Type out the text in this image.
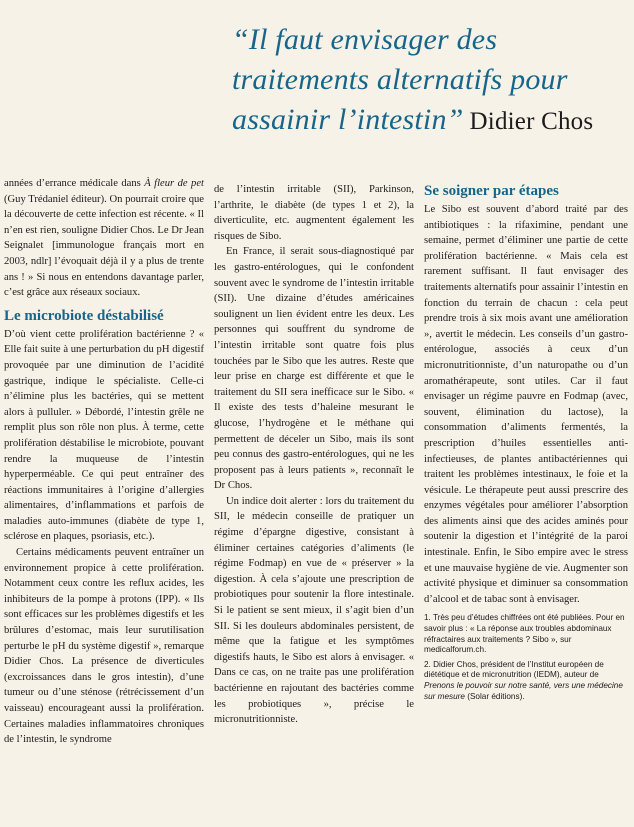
“Il faut envisager des traitements alternatifs pour assainir l’intestin” Didier Chos

années d’errance médicale dans À fleur de pet (Guy Trédaniel éditeur). On pourrait croire que la découverte de cette infection est récente. « Il n’en est rien, souligne Didier Chos. Le Dr Jean Seignalet [immunologue français mort en 2003, ndlr] l’évoquait déjà il y a plus de trente ans ! » Si nous en entendons davantage parler, c’est grâce aux réseaux sociaux.

Le microbiote déstabilisé

D’où vient cette prolifération bactérienne ? « Elle fait suite à une perturbation du pH digestif provoquée par une diminution de l’acidité gastrique, indique le spécialiste. Celle-ci n’élimine plus les bactéries, qui se mettent alors à pulluler. » Débordé, l’intestin grêle ne remplit plus son rôle non plus. À terme, cette prolifération déstabilise le microbiote, pouvant rendre la muqueuse de l’intestin hyperperméable. Ce qui peut entraîner des réactions immunitaires à l’origine d’allergies alimentaires, d’inflammations et parfois de maladies auto-immunes (diabète de type 1, sclérose en plaques, psoriasis, etc.).

Certains médicaments peuvent entraîner un environnement propice à cette prolifération. Notamment ceux contre les reflux acides, les inhibiteurs de la pompe à protons (IPP). « Ils sont efficaces sur les problèmes digestifs et les brûlures d’estomac, mais leur surutilisation perturbe le pH du système digestif », remarque Didier Chos. La présence de diverticules (excroissances dans le gros intestin), d’une tumeur ou d’une sténose (rétrécissement d’un vaisseau) encourageant aussi la prolifération. Certaines maladies inflammatoires chroniques de l’intestin, le syndrome

de l’intestin irritable (SII), Parkinson, l’arthrite, le diabète (de types 1 et 2), la diverticulite, etc. augmentent également les risques de Sibo.

En France, il serait sous-diagnostiqué par les gastro-entérologues, qui le confondent souvent avec le syndrome de l’intestin irritable (SII). Une dizaine d’études américaines soulignent un lien évident entre les deux. Les personnes qui souffrent du syndrome de l’intestin irritable sont quatre fois plus touchées par le Sibo que les autres. Reste que leur prise en charge est différente et que le traitement du SII sera inefficace sur le Sibo. « Il existe des tests d’haleine mesurant le glucose, l’hydrogène et le méthane qui permettent de déceler un Sibo, mais ils sont peu connus des gastro-entérologues, qui ne les proposent pas à leurs patients », reconnaît le Dr Chos.

Un indice doit alerter : lors du traitement du SII, le médecin conseille de pratiquer un régime d’épargne digestive, consistant à éliminer certaines catégories d’aliments (le régime Fodmap) en vue de « préserver » la digestion. À cela s’ajoute une prescription de probiotiques pour soutenir la flore intestinale. Si le patient se sent mieux, il s’agit bien d’un SII. Si les douleurs abdominales persistent, de même que la fatigue et les symptômes digestifs hauts, le Sibo est alors à envisager. « Dans ce cas, on ne traite pas une prolifération bactérienne en rajoutant des bactéries comme les probiotiques », précise le micronutritionniste.

Se soigner par étapes

Le Sibo est souvent d’abord traité par des antibiotiques : la rifaximine, pendant une semaine, permet d’éliminer une partie de cette prolifération bactérienne. « Mais cela est rarement suffisant. Il faut envisager des traitements alternatifs pour assainir l’intestin en fonction du terrain de chacun : cela peut prendre trois à six mois avant une amélioration », avertit le médecin. Les conseils d’un gastro-entérologue, associés à ceux d’un micronutritionniste, d’un naturopathe ou d’un aromathérapeute, sont utiles. Car il faut envisager un régime pauvre en Fodmap (avec, souvent, élimination du lactose), la consommation d’aliments fermentés, la prescription d’huiles essentielles anti-infectieuses, de plantes antibactériennes qui traitent les problèmes intestinaux, le foie et la vésicule. Le thérapeute peut aussi prescrire des enzymes végétales pour améliorer l’absorption des aliments ainsi que des acides aminés pour soutenir la digestion et l’intégrité de la paroi intestinale. Enfin, le Sibo empire avec le stress et une mauvaise hygiène de vie. Augmenter son activité physique et diminuer sa consommation d’alcool et de tabac sont à envisager.

1. Très peu d’études chiffrées ont été publiées. Pour en savoir plus : « La réponse aux troubles abdominaux réfractaires aux traitements ? Sibo », sur medicalforum.ch.
2. Didier Chos, président de l’Institut européen de diététique et de micronutrition (IEDM), auteur de Prenons le pouvoir sur notre santé, vers une médecine sur mesure (Solar éditions).
